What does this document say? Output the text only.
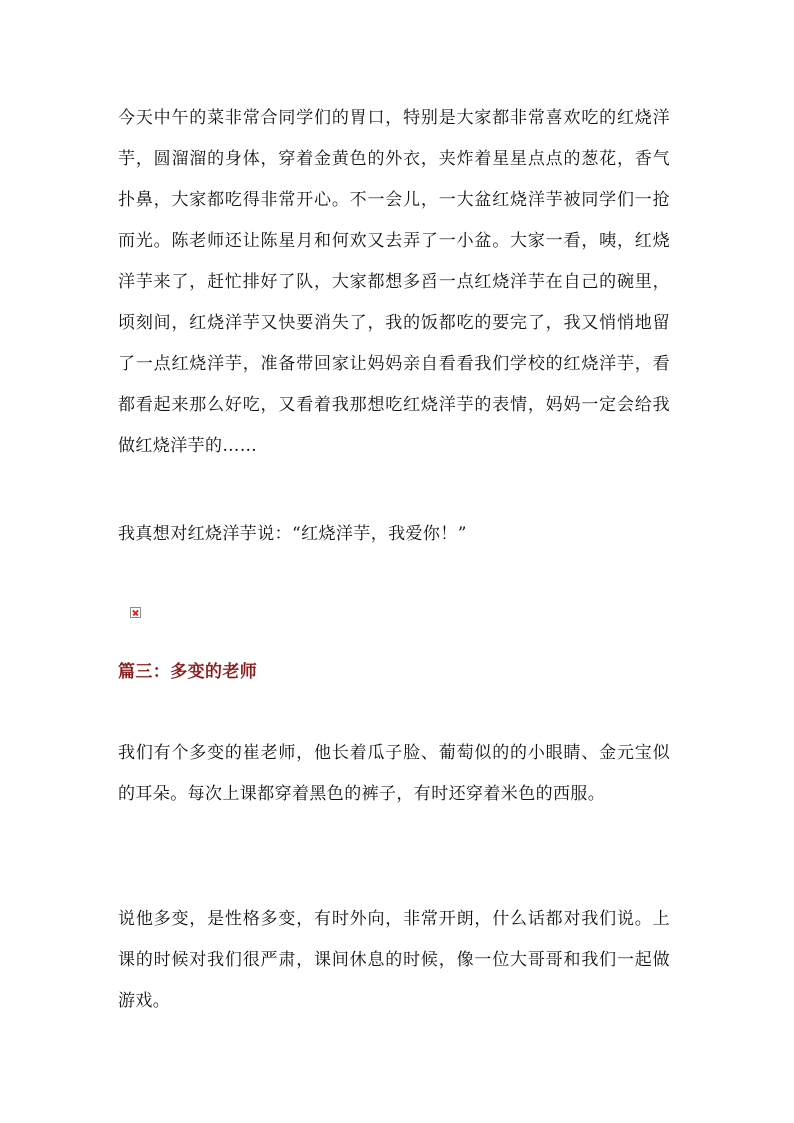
今天中午的菜非常合同学们的胃口，特别是大家都非常喜欢吃的红烧洋芋，圆溜溜的身体，穿着金黄色的外衣，夹炸着星星点点的葱花，香气扑鼻，大家都吃得非常开心。不一会儿，一大盆红烧洋芋被同学们一抢而光。陈老师还让陈星月和何欢又去弄了一小盆。大家一看，咦，红烧洋芋来了，赶忙排好了队，大家都想多舀一点红烧洋芋在自己的碗里，顷刻间，红烧洋芋又快要消失了，我的饭都吃的要完了，我又悄悄地留了一点红烧洋芋，准备带回家让妈妈亲自看看我们学校的红烧洋芋，看都看起来那么好吃，又看着我那想吃红烧洋芋的表情，妈妈一定会给我做红烧洋芋的……

我真想对红烧洋芋说：“红烧洋芋，我爱你！”

篇三：多变的老师

我们有个多变的崔老师，他长着瓜子脸、葡萄似的的小眼睛、金元宝似的耳朵。每次上课都穿着黑色的裤子，有时还穿着米色的西服。

说他多变，是性格多变，有时外向，非常开朗，什么话都对我们说。上课的时候对我们很严肃，课间休息的时候，像一位大哥哥和我们一起做游戏。
